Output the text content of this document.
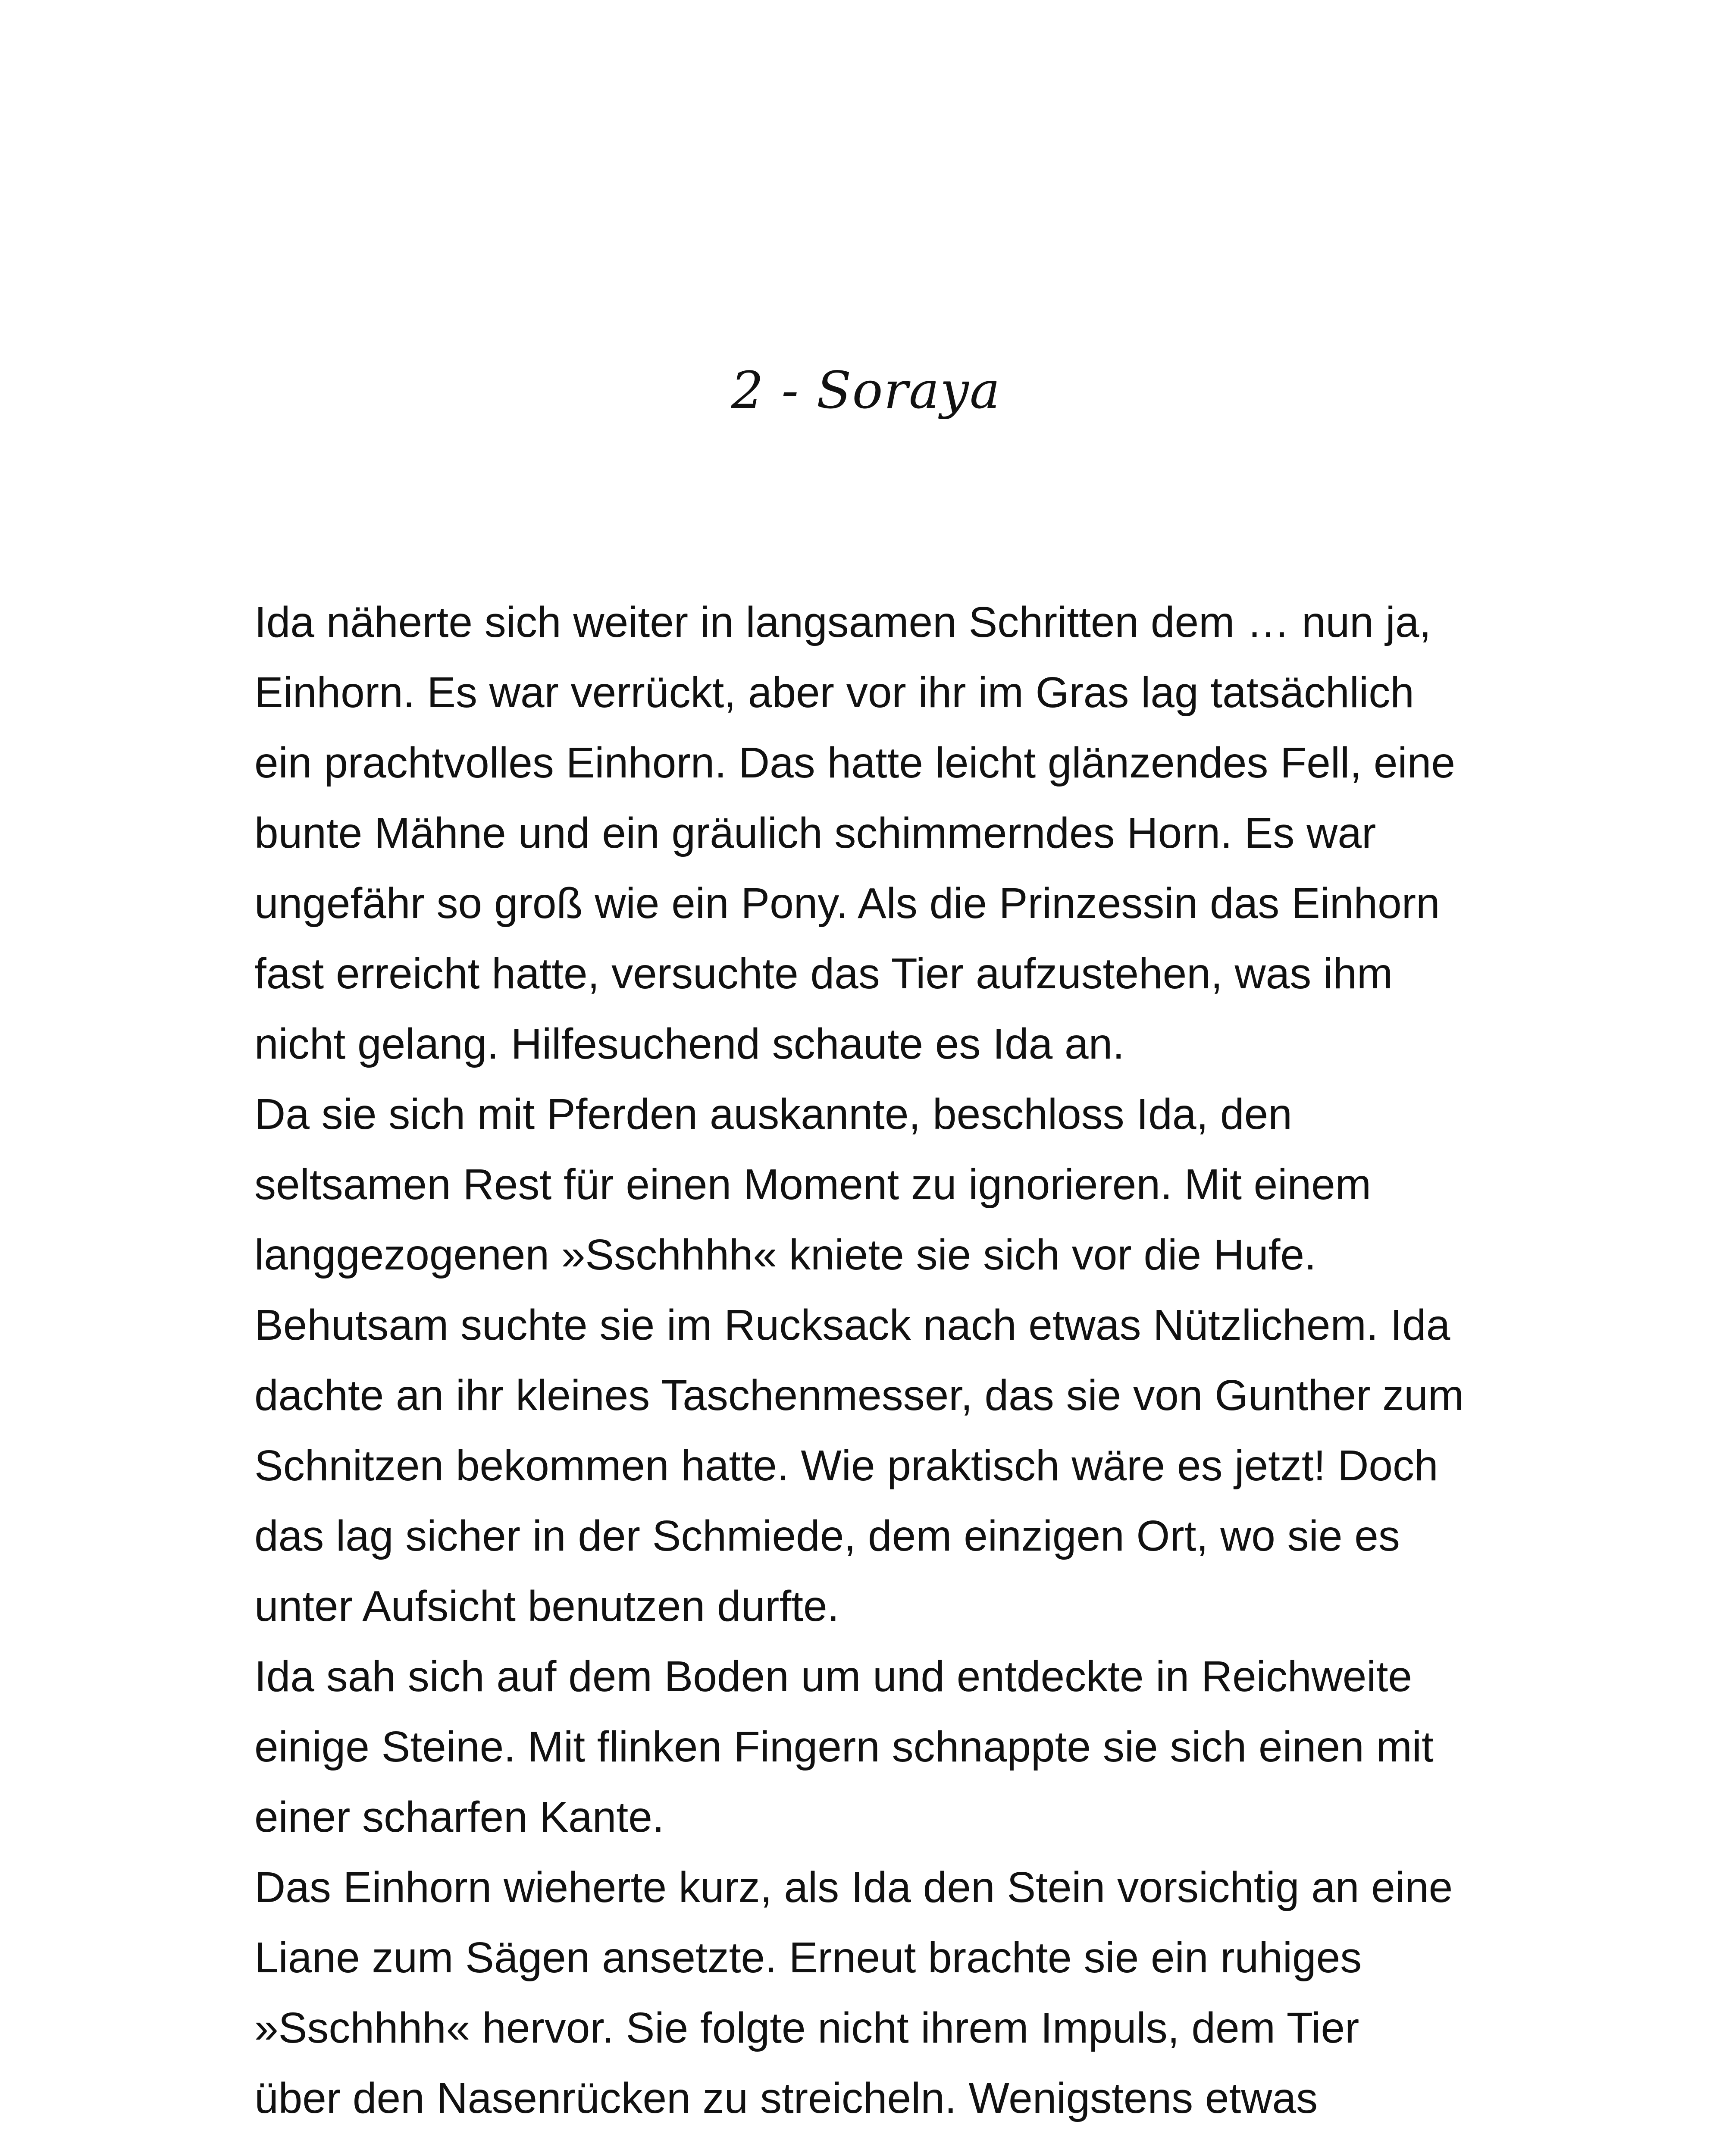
2 - Soraya
Ida näherte sich weiter in langsamen Schritten dem … nun ja,
Einhorn. Es war verrückt, aber vor ihr im Gras lag tatsächlich
ein prachtvolles Einhorn. Das hatte leicht glänzendes Fell, eine
bunte Mähne und ein gräulich schimmerndes Horn. Es war
ungefähr so groß wie ein Pony. Als die Prinzessin das Einhorn
fast erreicht hatte, versuchte das Tier aufzustehen, was ihm
nicht gelang. Hilfesuchend schaute es Ida an.
Da sie sich mit Pferden auskannte, beschloss Ida, den
seltsamen Rest für einen Moment zu ignorieren. Mit einem
langgezogenen »Sschhhh« kniete sie sich vor die Hufe.
Behutsam suchte sie im Rucksack nach etwas Nützlichem. Ida
dachte an ihr kleines Taschenmesser, das sie von Gunther zum
Schnitzen bekommen hatte. Wie praktisch wäre es jetzt! Doch
das lag sicher in der Schmiede, dem einzigen Ort, wo sie es
unter Aufsicht benutzen durfte.
Ida sah sich auf dem Boden um und entdeckte in Reichweite
einige Steine. Mit flinken Fingern schnappte sie sich einen mit
einer scharfen Kante.
Das Einhorn wieherte kurz, als Ida den Stein vorsichtig an eine
Liane zum Sägen ansetzte. Erneut brachte sie ein ruhiges
»Sschhhh« hervor. Sie folgte nicht ihrem Impuls, dem Tier
über den Nasenrücken zu streicheln. Wenigstens etwas
